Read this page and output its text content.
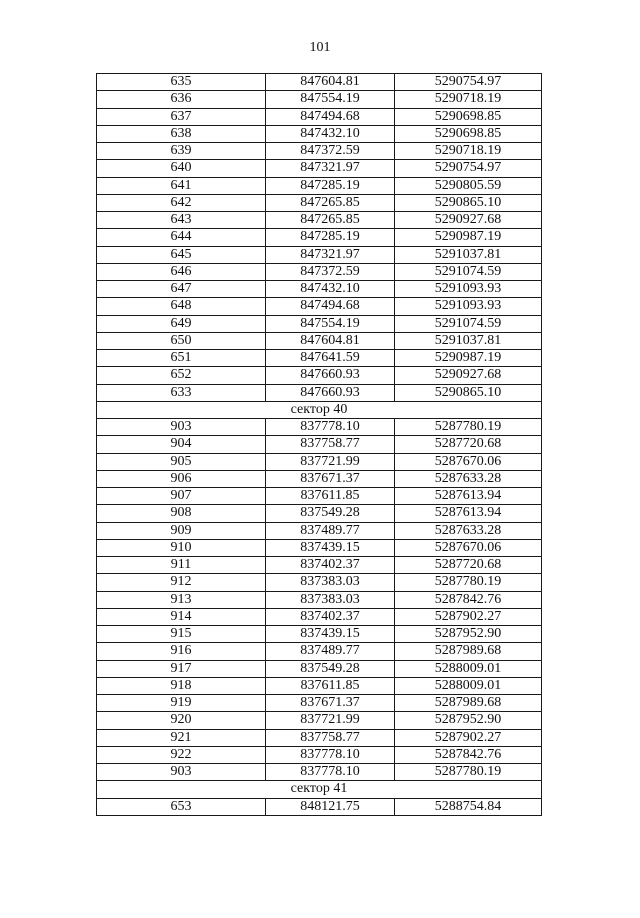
101
635	847604.81	5290754.97
636	847554.19	5290718.19
637	847494.68	5290698.85
638	847432.10	5290698.85
639	847372.59	5290718.19
640	847321.97	5290754.97
641	847285.19	5290805.59
642	847265.85	5290865.10
643	847265.85	5290927.68
644	847285.19	5290987.19
645	847321.97	5291037.81
646	847372.59	5291074.59
647	847432.10	5291093.93
648	847494.68	5291093.93
649	847554.19	5291074.59
650	847604.81	5291037.81
651	847641.59	5290987.19
652	847660.93	5290927.68
633	847660.93	5290865.10
сектор 40		
903	837778.10	5287780.19
904	837758.77	5287720.68
905	837721.99	5287670.06
906	837671.37	5287633.28
907	837611.85	5287613.94
908	837549.28	5287613.94
909	837489.77	5287633.28
910	837439.15	5287670.06
911	837402.37	5287720.68
912	837383.03	5287780.19
913	837383.03	5287842.76
914	837402.37	5287902.27
915	837439.15	5287952.90
916	837489.77	5287989.68
917	837549.28	5288009.01
918	837611.85	5288009.01
919	837671.37	5287989.68
920	837721.99	5287952.90
921	837758.77	5287902.27
922	837778.10	5287842.76
903	837778.10	5287780.19
сектор 41		
653	848121.75	5288754.84
